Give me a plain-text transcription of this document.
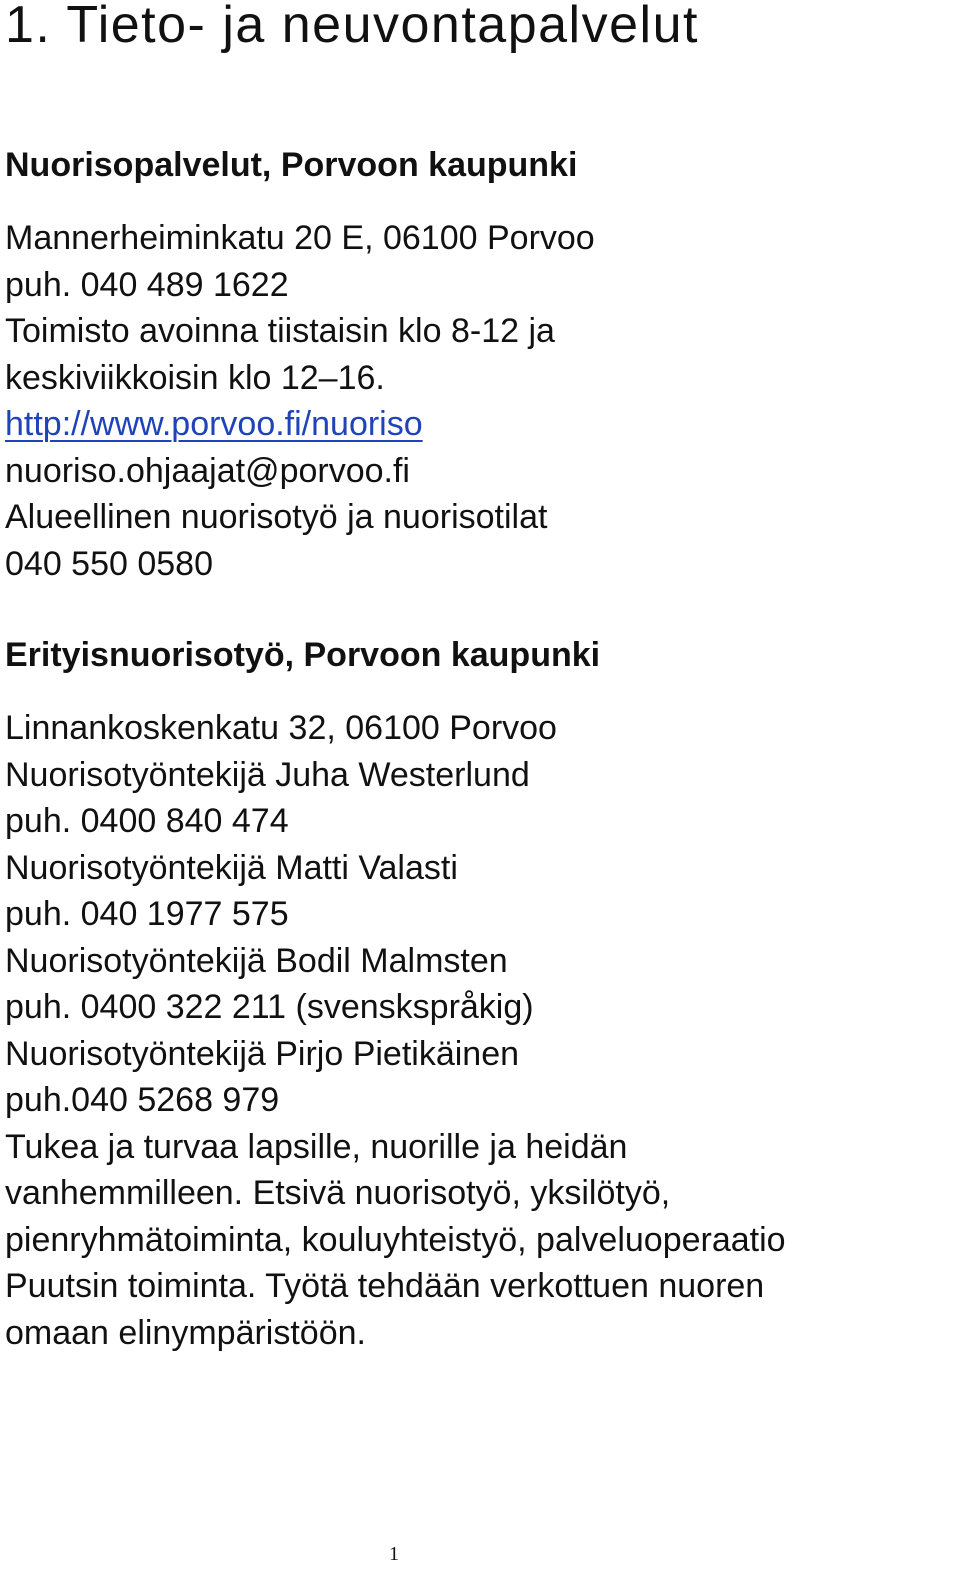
1. Tieto- ja neuvontapalvelut
Nuorisopalvelut, Porvoon kaupunki
Mannerheiminkatu 20 E, 06100 Porvoo
puh. 040 489 1622
Toimisto avoinna tiistaisin klo 8-12 ja
keskiviikkoisin klo 12–16.
http://www.porvoo.fi/nuoriso
nuoriso.ohjaajat@porvoo.fi
Alueellinen nuorisotyö ja nuorisotilat
040 550 0580
Erityisnuorisotyö, Porvoon kaupunki
Linnankoskenkatu 32, 06100 Porvoo
Nuorisotyöntekijä Juha Westerlund
puh. 0400 840 474
Nuorisotyöntekijä Matti Valasti
puh. 040 1977 575
Nuorisotyöntekijä Bodil Malmsten
puh. 0400 322 211 (svenskspråkig)
Nuorisotyöntekijä Pirjo Pietikäinen
puh.040 5268 979
Tukea ja turvaa lapsille, nuorille ja heidän
vanhemmilleen. Etsivä nuorisotyö, yksilötyö,
pienryhmätoiminta, kouluyhteistyö, palveluoperaatio
Puutsin toiminta. Työtä tehdään verkottuen nuoren
omaan elinympäristöön.
1
